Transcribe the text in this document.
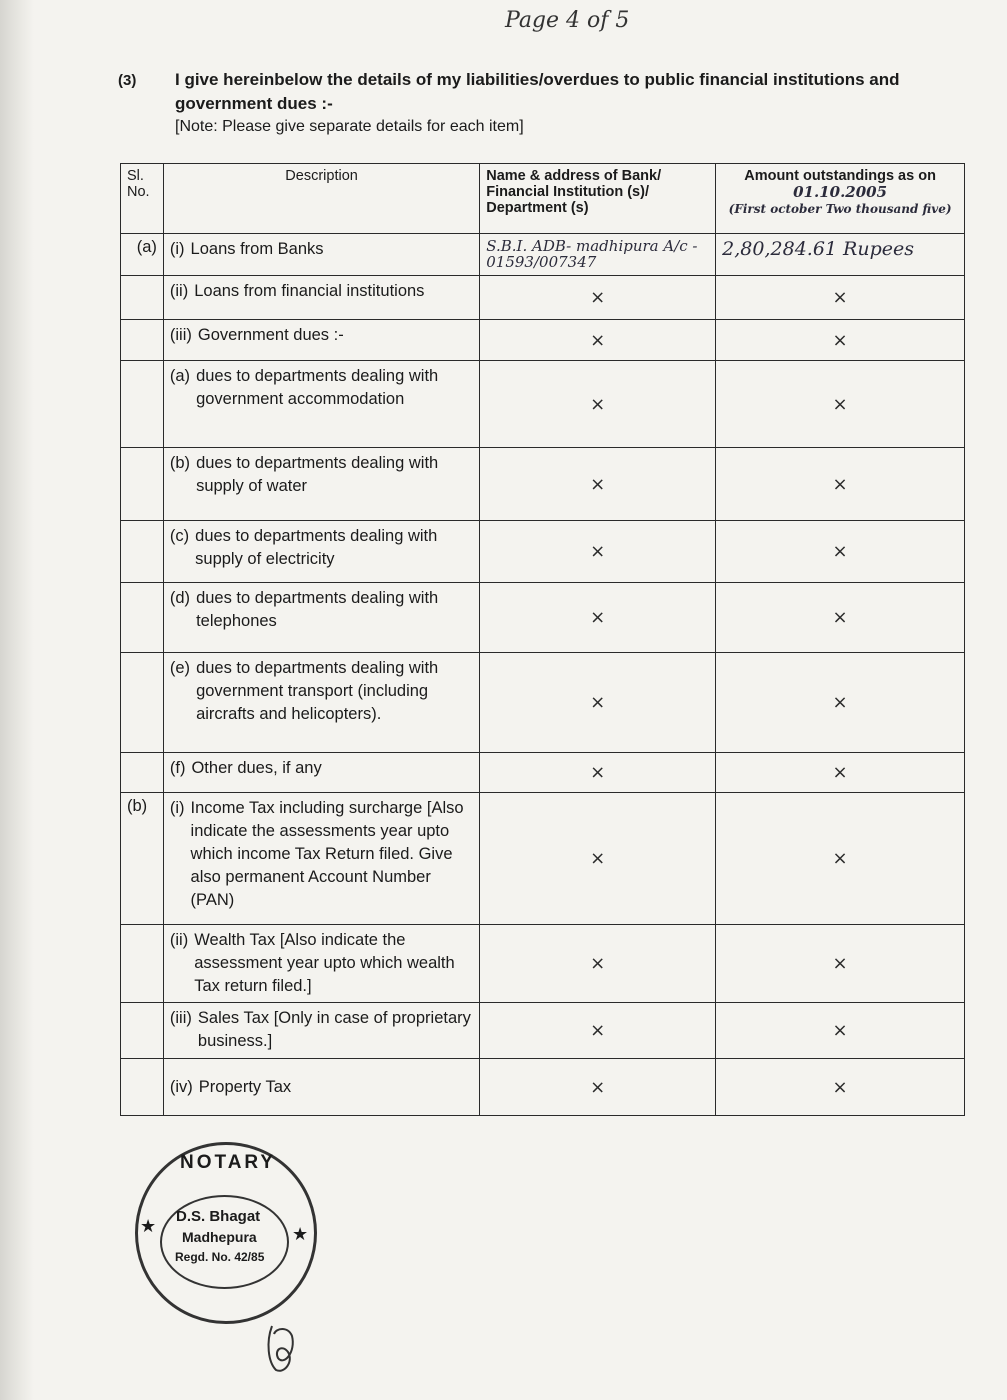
Page 4 of 5
(3) I give hereinbelow the details of my liabilities/overdues to public financial institutions and government dues :-
[Note: Please give separate details for each item]
Sl. No.	Description	Name & address of Bank/ Financial Institution (s)/ Department (s)	Amount outstandings as on 01.10.2005
(First october Two thousand five)
(a)	(i) Loans from Banks	S.B.I. ADB- madhipura A/c - 01593/007347	2,80,284.61 Rupees

	(ii) Loans from financial institutions	×	×

	(iii) Government dues :-	×	×

	(a) dues to departments dealing with government accommodation	×	×

	(b) dues to departments dealing with supply of water	×	×

	(c) dues to departments dealing with supply of electricity	×	×

	(d) dues to departments dealing with telephones	×	×

	(e) dues to departments dealing with government transport (including aircrafts and helicopters).	×	×

	(f) Other dues, if any	×	×
(b)	(i) Income Tax including surcharge [Also indicate the assessments year upto which income Tax Return filed. Give also permanent Account Number (PAN)	×	×

	(ii) Wealth Tax [Also indicate the assessment year upto which wealth Tax return filed.]	×	×

	(iii) Sales Tax [Only in case of proprietary business.]	×	×

	(iv) Property Tax	×	×
NOTARY
D.S. Bhagat
Madhepura
Regd. No. 42/85
★	★
